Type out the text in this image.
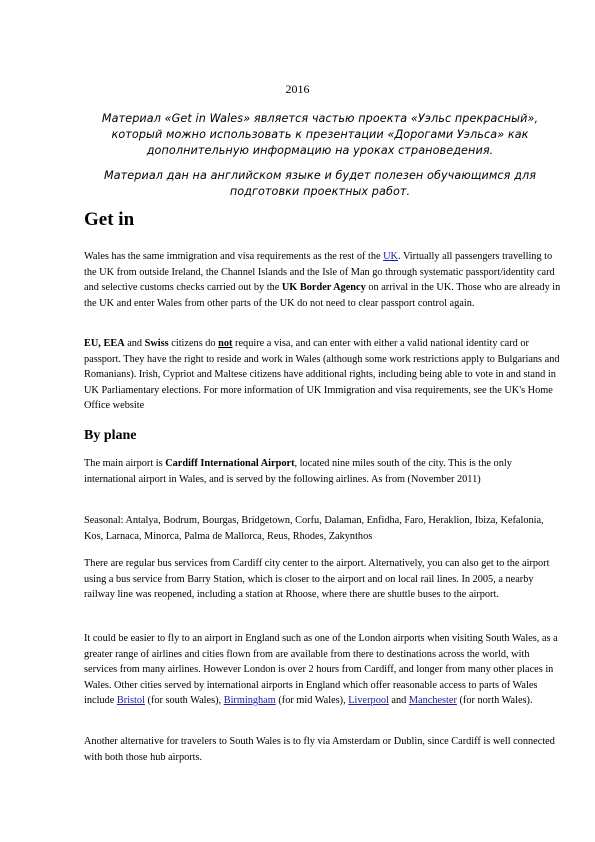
2016
Материал «Get in Wales» является частью проекта «Уэльс прекрасный»,
который можно использовать к презентации «Дорогами Уэльса» как
дополнительную информацию на уроках страноведения.
Материал дан на английском языке и будет полезен обучающимся для
подготовки проектных работ.
Get in
Wales has the same immigration and visa requirements as the rest of the UK. Virtually all passengers travelling to the UK from outside Ireland, the Channel Islands and the Isle of Man go through systematic passport/identity card and selective customs checks carried out by the UK Border Agency on arrival in the UK. Those who are already in the UK and enter Wales from other parts of the UK do not need to clear passport control again.
EU, EEA and Swiss citizens do not require a visa, and can enter with either a valid national identity card or passport. They have the right to reside and work in Wales (although some work restrictions apply to Bulgarians and Romanians). Irish, Cypriot and Maltese citizens have additional rights, including being able to vote in and stand in UK Parliamentary elections. For more information of UK Immigration and visa requirements, see the UK's Home Office website
By plane
The main airport is Cardiff International Airport, located nine miles south of the city. This is the only international airport in Wales, and is served by the following airlines. As from (November 2011)
Seasonal: Antalya, Bodrum, Bourgas, Bridgetown, Corfu, Dalaman, Enfidha, Faro, Heraklion, Ibiza, Kefalonia, Kos, Larnaca, Minorca, Palma de Mallorca, Reus, Rhodes, Zakynthos
There are regular bus services from Cardiff city center to the airport. Alternatively, you can also get to the airport using a bus service from Barry Station, which is closer to the airport and on local rail lines. In 2005, a nearby railway line was reopened, including a station at Rhoose, where there are shuttle buses to the airport.
It could be easier to fly to an airport in England such as one of the London airports when visiting South Wales, as a greater range of airlines and cities flown from are available from there to destinations across the world, with services from many airlines. However London is over 2 hours from Cardiff, and longer from many other places in Wales. Other cities served by international airports in England which offer reasonable access to parts of Wales include Bristol (for south Wales), Birmingham (for mid Wales), Liverpool and Manchester (for north Wales).
Another alternative for travelers to South Wales is to fly via Amsterdam or Dublin, since Cardiff is well connected with both those hub airports.
